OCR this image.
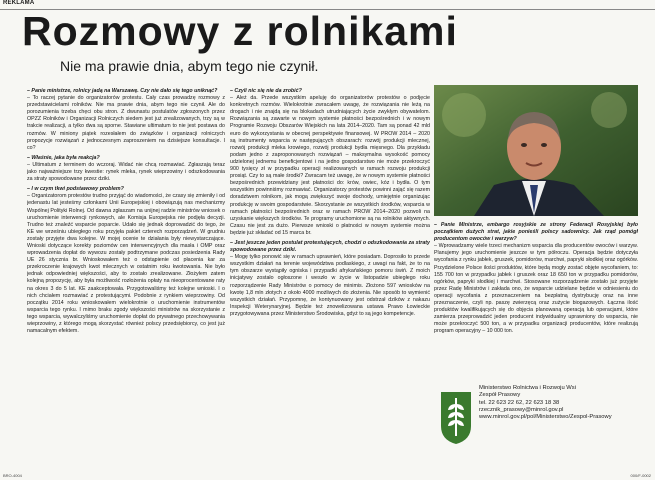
REKLAMA
Rozmowy z rolnikami
Nie ma prawie dnia, abym tego nie czynił.

– Panie ministrze, rolnicy jadą na Warszawę. Czy nie dało się tego uniknąć?

– To raczej pytanie do organizatorów protestu. Cały czas prowadzę rozmowy z przedstawicielami rolników. Nie ma prawie dnia, abym tego nie czynił. Ale do porozumienia trzeba chęci obu stron. Z dwunastu postulatów zgłoszonych przez OPZZ Rolników i Organizacji Rolniczych siedem jest już zrealizowanych, trzy są w trakcie realizacji, a tylko dwa są sporne. Stawiane ultimatum to nie jest postawa do rozmów. W miniony piątek rozesłałem do związków i organizacji rolniczych propozycje rozwiązań z jednoczesnym zaproszeniem na dzisiejsze konsultacje. I co?

– Właśnie, jaka była reakcja?

– Ultimatum z terminem do wczoraj. Widać nie chcą rozmawiać. Zgłaszają teraz jako najważniejsze trzy kwestie: rynek mleka, rynek wieprzowiny i odszkodowania za straty spowodowane przez dziki.

– I w czym tkwi podstawowy problem?

– Organizatorom protestów trudno przyjąć do wiadomości, że czasy się zmieniły i od jedenastu lat jesteśmy członkami Unii Europejskiej i obowiązują nas mechanizmy Wspólnej Polityki Rolnej. Od dawna zgłaszam na unijnej radzie ministrów wniosek o uruchomienie interwencji rynkowych, ale Komisja Europejska nie podjęła decyzji. Trudno też znaleźć wsparcie poparcie. Udało się jednak doprowadzić do tego, że KE we wrześniu ubiegłego roku przyjęła pakiet czterech rozporządzeń. W grudniu zostały przyjęte dwa kolejne. W mojej ocenie te działania były niewystarczające. Wnioski dotyczące korekty poziomów cen interwencyjnych dla masła i OMP oraz wprowadzenia dopłat do wywozu zostały podtrzymane podczas posiedzenia Rady UE 26 stycznia br. Wnioskowałem też o odstąpienie od płacenia kar za przekroczenie krajowych kwot mlecznych w ostatnim roku kwotowania. Nie było jednak odpowiedniej większości, aby to zostało zrealizowane. Złożyłem zatem kolejną propozycję, aby była możliwość rozłożenia opłaty na nieoprocentowane raty na okres 3 do 5 lat. KE zaakceptowała. Przygotowaliśmy też kolejne wnioski. I o nich chciałem rozmawiać z protestującymi. Podobnie z rynkiem wieprzowiny. Od początku 2014 roku wnioskowałem wielokrotnie o uruchomienie instrumentów wsparcia tego rynku. I mimo braku zgody większości ministrów na skorzystanie z tego wsparcia, wywalczyliśmy uruchomienie dopłat do prywatnego przechowywania wieprzowiny, z którego mogą skorzystać również polscy przedsiębiorcy, co jest już namacalnym efektem.

– Czyli nic się nie da zrobić?

– Ależ da. Przede wszystkim apeluję do organizatorów protestów o podjęcie konkretnych rozmów. Wielokrotnie zwracałem uwagę, że rozwiązania nie leżą na drogach i nie znajdą się na blokadach utrudniających życie zwykłym obywatelom. Rozwiązania są zawarte w nowym systemie płatności bezpośrednich i w nowym Programie Rozwoju Obszarów Wiejskich na lata 2014–2020. Tam są ponad 42 mld euro do wykorzystania w obecnej perspektywie finansowej. W PROW 2014 – 2020 są instrumenty wsparcia w następujących obszarach: rozwój produkcji mlecznej, rozwój produkcji mleka krowiego, rozwój produkcji bydła mięsnego. Dla przykładu podam jedno z zaproponowanych rozwiązań – maksymalna wysokość pomocy udzielonej jednemu beneficjentowi i na jedno gospodarstwo nie może przekroczyć 900 tysięcy zł w przypadku operacji realizowanych w ramach rozwoju produkcji prosiąt. Czy to są małe środki? Zwracam też uwagę, że w nowym systemie płatności bezpośrednich przewidziany jest płatności do: krów, owiec, kóz i bydła. O tym wszystkim powinniśmy rozmawiać. Organizatorzy protestów powinni zająć się razem doradztwem rolnikom, jak mogą zwiększyć swoje dochody, umiejętnie organizując produkcję w swoim gospodarstwie. Skorzystanie ze wszystkich środków, wsparcia w ramach płatności bezpośrednich oraz w ramach PROW 2014–2020 pozwoli na uzyskanie większych środków. Te programy uruchomione są na rolników aktywnych. Czasu nie jest za dużo. Pierwsze wnioski o płatności w nowym systemie można będzie już składać od 15 marca br.

– Jest jeszcze jeden postulat protestujących, chodzi o odszkodowania za straty spowodowane przez dziki.

– Mogę tylko ponowić się w ramach uprawnień, które posiadam. Doprosiło to przede wszystkim działań na terenie województwa podlaskiego, z uwagi na fakt, że to na tym obszarze wystąpiły ogniska i przypadki afrykańskiego pomoru świń. Z moich inicjatywy zostało ogłoszone i weszło w życie w listopadzie ubiegłego roku rozporządzenie Rady Ministrów o pomocy de minimis. Złożono 597 wniosków na kwotę 1,8 mln złotych z około 4000 możliwych do złożenia. Nie sposób to wymienić wszystkich działań. Przypomnę, że kontynuowany jest odstrzał dzików z nakazu Inspekcji Weterynaryjnej. Będzie też znowelizowana ustawa Prawo Łowieckie przygotowywana przez Ministerstwo Środowiska, gdyż to są jego kompetencje.

– Panie Ministrze, embargo rosyjskie ze strony Federacji Rosyjskiej było początkiem dużych strat, jakie ponieśli polscy sadownicy. Jak rząd pomógł producentom owoców i warzyw?

– Wprowadzamy wiele trzeci mechanizm wsparcia dla producentów owoców i warzyw. Planujemy jego uruchomienie jeszcze w tym półroczu. Operacja będzie dotyczyła wycofania z rynku jabłek, gruszek, pomidorów, marchwi, papryki słodkiej oraz ogórków. Przydzielone Polsce ilości produktów, które będą mogły zostać objęte wycofaniem, to: 155 700 ton w przypadku jabłek i gruszek oraz 18 650 ton w przypadku pomidorów, ogórków, papryki słodkiej i marchwi. Stosowane rozporządzenie zostało już przyjęte przez Radę Ministrów i zakłada ono, że wsparcie udzielane będzie w odniesieniu do operacji wycofania z przeznaczeniem na bezpłatną dystrybucję oraz na inne przeznaczenie, czyli np. paszę zwierzęcą oraz zużycie biogazowych. Łączna ilość produktów kwalifikujących się do objęcia planowaną operacją lub operacjami, które zamierza przeprowadzić jeden producent indywidualny uprawniony do wsparcia, nie może przekroczyć 500 ton, a w przypadku organizacji producentów, które realizują program operacyjny – 10 000 ton.

Ministerstwo Rolnictwa i Rozwoju Wsi
Zespół Prasowy
tel. 22 623 22 62, 22 623 18 38
rzecznik_prasowy@minrol.gov.pl
www.minrol.gov.pl/pol/Ministerstwo/Zespol-Prasowy
BRO-4004	000/F-0002
